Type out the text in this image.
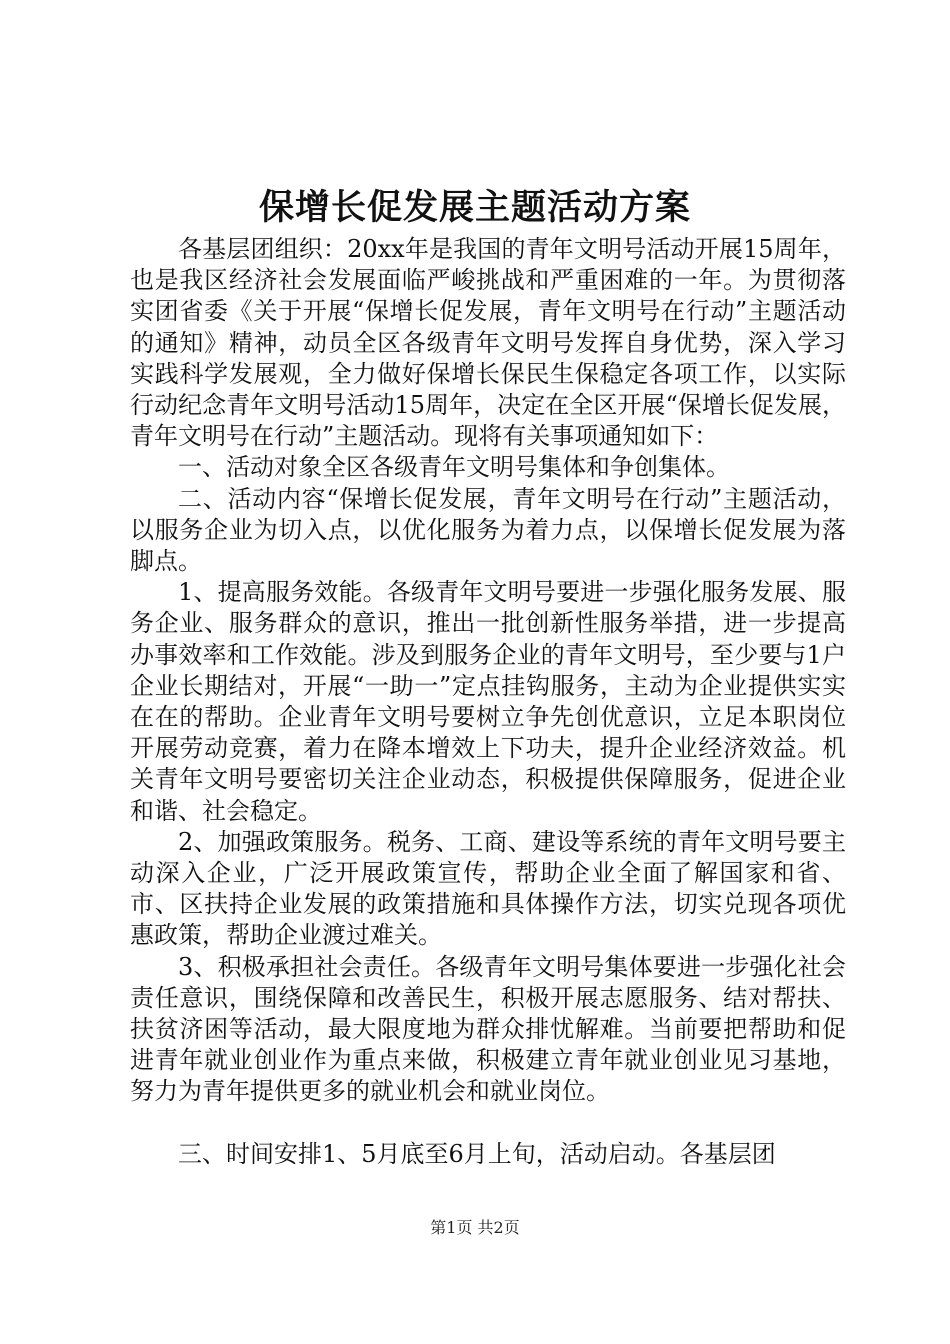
保增长促发展主题活动方案

各基层团组织：20xx年是我国的青年文明号活动开展15周年，也是我区经济社会发展面临严峻挑战和严重困难的一年。为贯彻落实团省委《关于开展“保增长促发展，青年文明号在行动”主题活动的通知》精神，动员全区各级青年文明号发挥自身优势，深入学习实践科学发展观，全力做好保增长保民生保稳定各项工作，以实际行动纪念青年文明号活动15周年，决定在全区开展“保增长促发展，青年文明号在行动”主题活动。现将有关事项通知如下：

一、活动对象全区各级青年文明号集体和争创集体。

二、活动内容“保增长促发展，青年文明号在行动”主题活动，以服务企业为切入点，以优化服务为着力点，以保增长促发展为落脚点。

1、提高服务效能。各级青年文明号要进一步强化服务发展、服务企业、服务群众的意识，推出一批创新性服务举措，进一步提高办事效率和工作效能。涉及到服务企业的青年文明号，至少要与1户企业长期结对，开展“一助一”定点挂钩服务，主动为企业提供实实在在的帮助。企业青年文明号要树立争先创优意识，立足本职岗位开展劳动竞赛，着力在降本增效上下功夫，提升企业经济效益。机关青年文明号要密切关注企业动态，积极提供保障服务，促进企业和谐、社会稳定。

2、加强政策服务。税务、工商、建设等系统的青年文明号要主动深入企业，广泛开展政策宣传，帮助企业全面了解国家和省、市、区扶持企业发展的政策措施和具体操作方法，切实兑现各项优惠政策，帮助企业渡过难关。

3、积极承担社会责任。各级青年文明号集体要进一步强化社会责任意识，围绕保障和改善民生，积极开展志愿服务、结对帮扶、扶贫济困等活动，最大限度地为群众排忧解难。当前要把帮助和促进青年就业创业作为重点来做，积极建立青年就业创业见习基地，努力为青年提供更多的就业机会和就业岗位。

三、时间安排1、5月底至6月上旬，活动启动。各基层团

第1页 共2页
